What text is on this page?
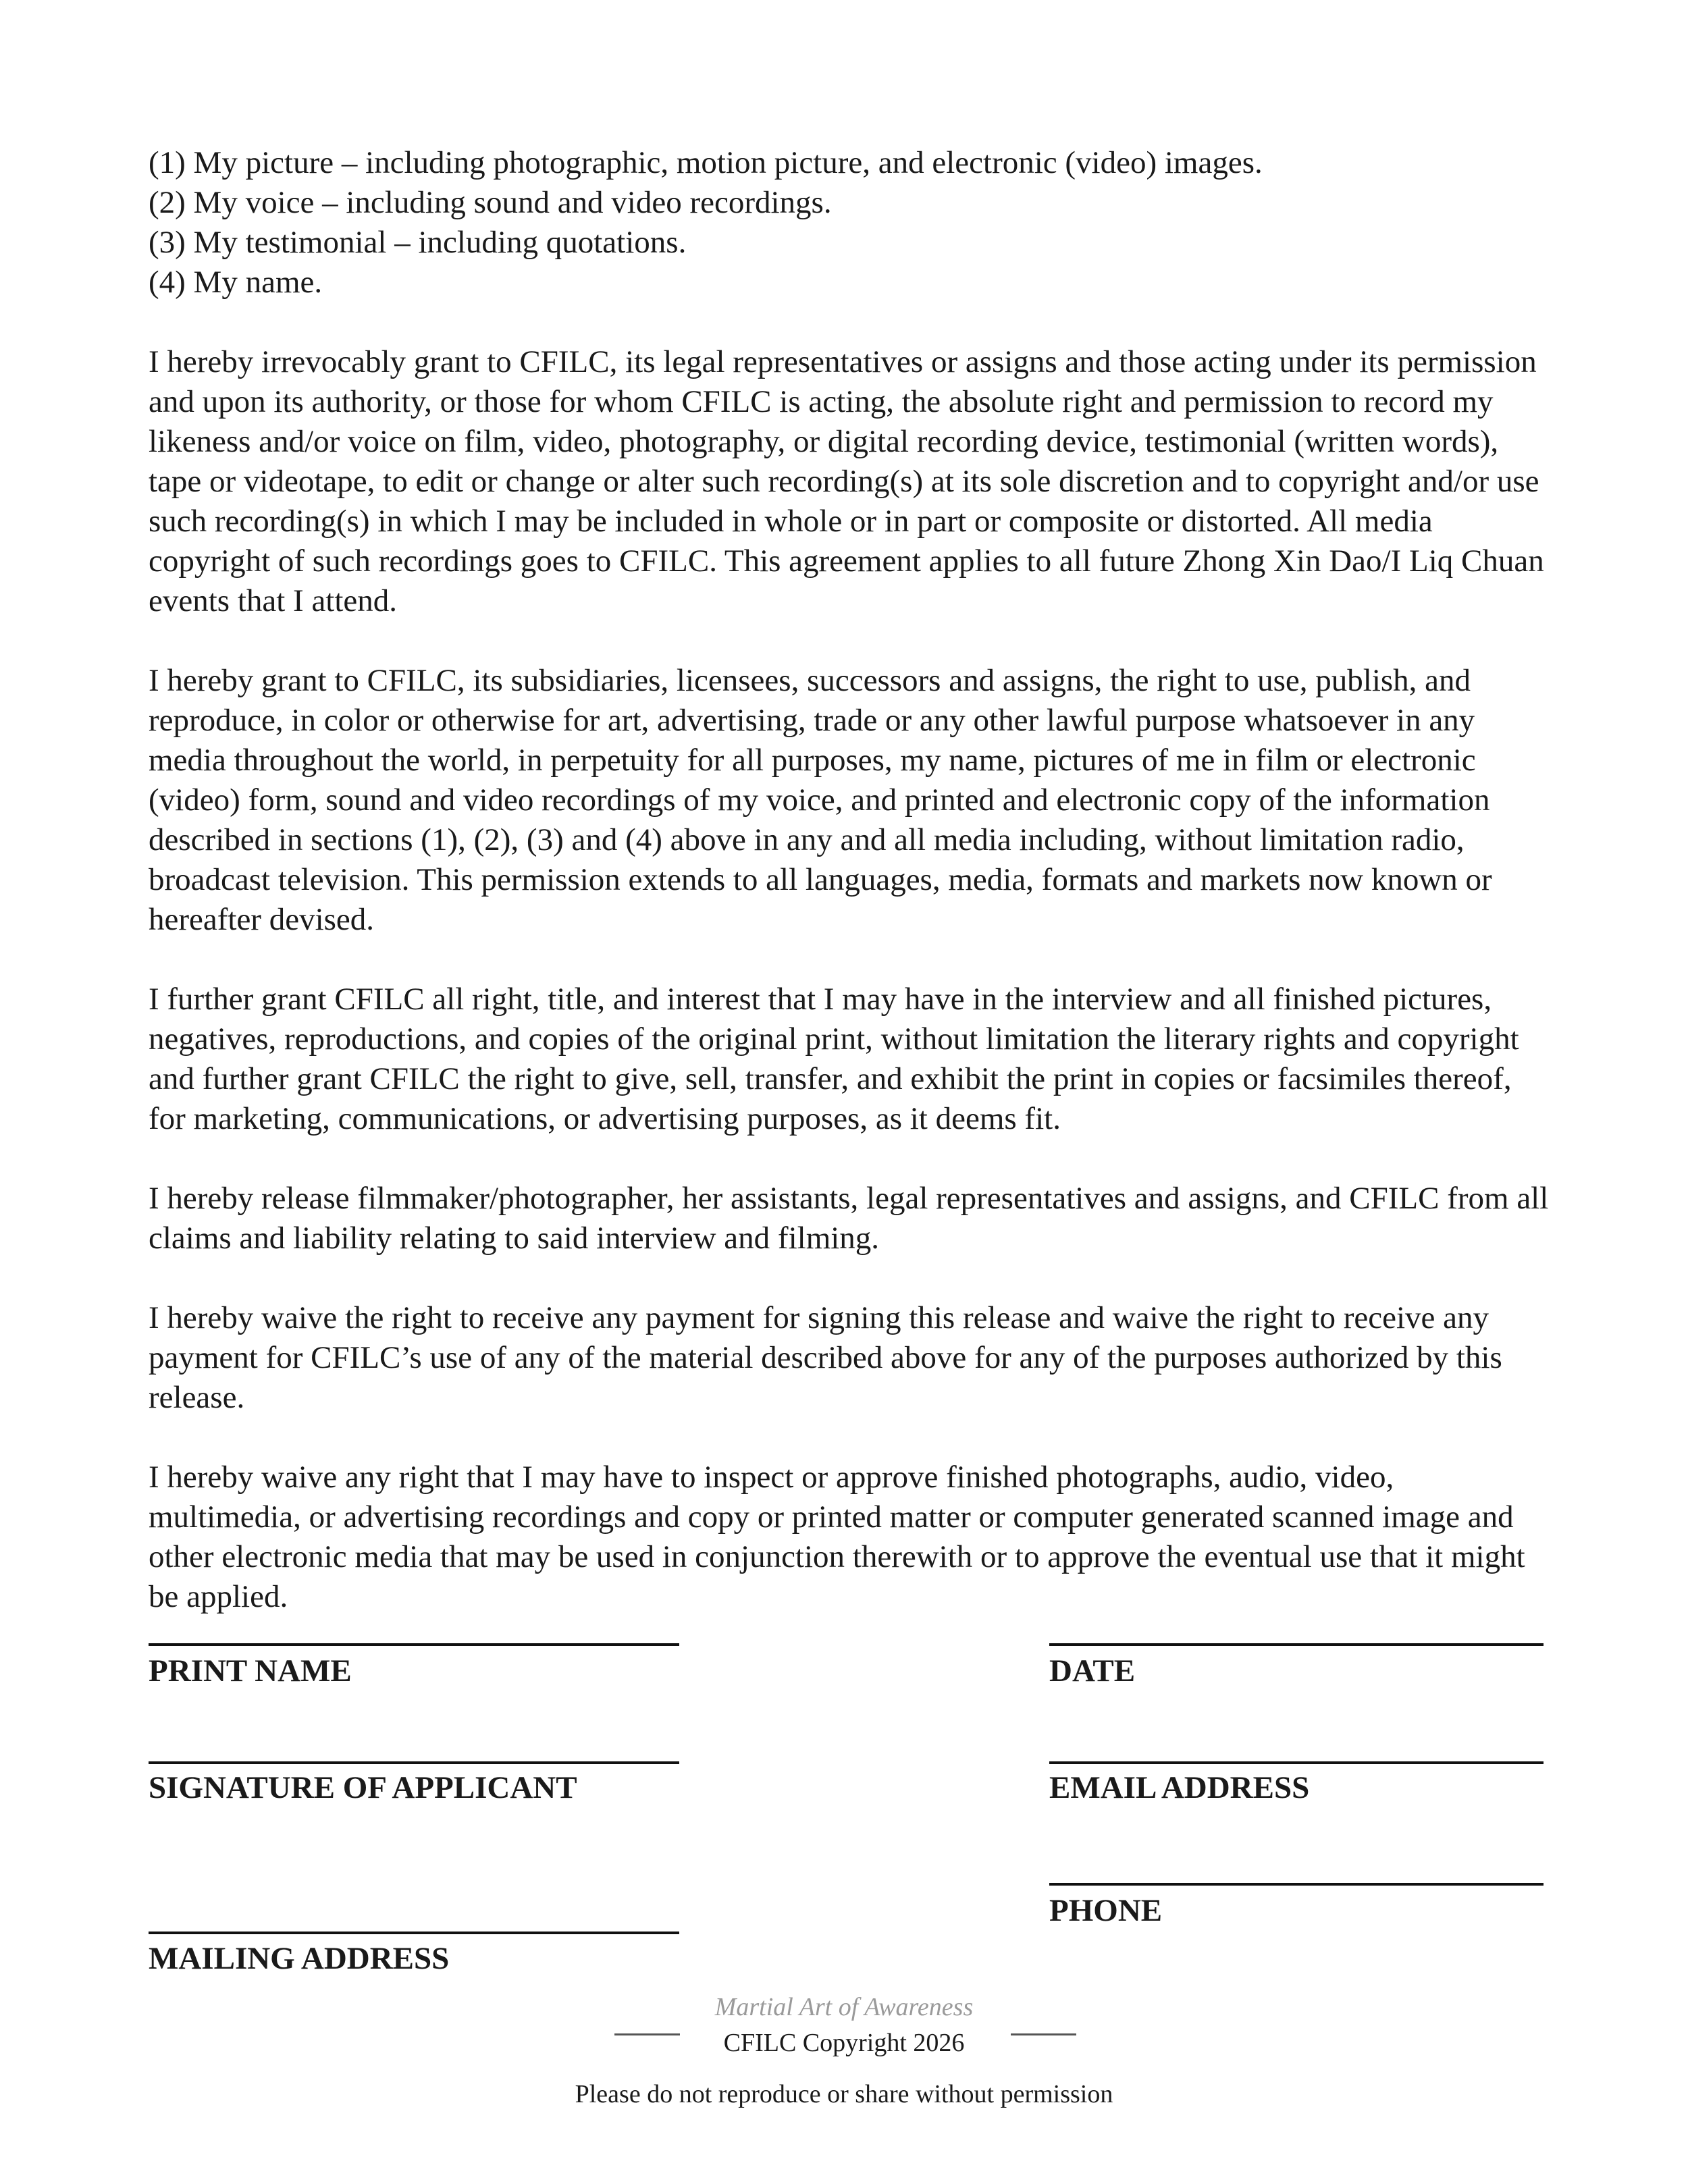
(1) My picture – including photographic, motion picture, and electronic (video) images.

(2) My voice – including sound and video recordings.

(3) My testimonial – including quotations.

(4) My name.

I hereby irrevocably grant to CFILC, its legal representatives or assigns and those acting under its permission and upon its authority, or those for whom CFILC is acting, the absolute right and permission to record my likeness and/or voice on film, video, photography, or digital recording device, testimonial (written words), tape or videotape, to edit or change or alter such recording(s) at its sole discretion and to copyright and/or use such recording(s) in which I may be included in whole or in part or composite or distorted. All media copyright of such recordings goes to CFILC. This agreement applies to all future Zhong Xin Dao/I Liq Chuan events that I attend.

I hereby grant to CFILC, its subsidiaries, licensees, successors and assigns, the right to use, publish, and reproduce, in color or otherwise for art, advertising, trade or any other lawful purpose whatsoever in any media throughout the world, in perpetuity for all purposes, my name, pictures of me in film or electronic (video) form, sound and video recordings of my voice, and printed and electronic copy of the information described in sections (1), (2), (3) and (4) above in any and all media including, without limitation radio, broadcast television. This permission extends to all languages, media, formats and markets now known or hereafter devised.

I further grant CFILC all right, title, and interest that I may have in the interview and all finished pictures, negatives, reproductions, and copies of the original print, without limitation the literary rights and copyright and further grant CFILC the right to give, sell, transfer, and exhibit the print in copies or facsimiles thereof, for marketing, communications, or advertising purposes, as it deems fit.

I hereby release filmmaker/photographer, her assistants, legal representatives and assigns, and CFILC from all claims and liability relating to said interview and filming.

I hereby waive the right to receive any payment for signing this release and waive the right to receive any payment for CFILC’s use of any of the material described above for any of the purposes authorized by this release.

I hereby waive any right that I may have to inspect or approve finished photographs, audio, video, multimedia, or advertising recordings and copy or printed matter or computer generated scanned image and other electronic media that may be used in conjunction therewith or to approve the eventual use that it might be applied.

PRINT NAME
SIGNATURE OF APPLICANT
MAILING ADDRESS
DATE
EMAIL ADDRESS
PHONE
Martial Art of Awareness
CFILC Copyright 2026
Please do not reproduce or share without permission
